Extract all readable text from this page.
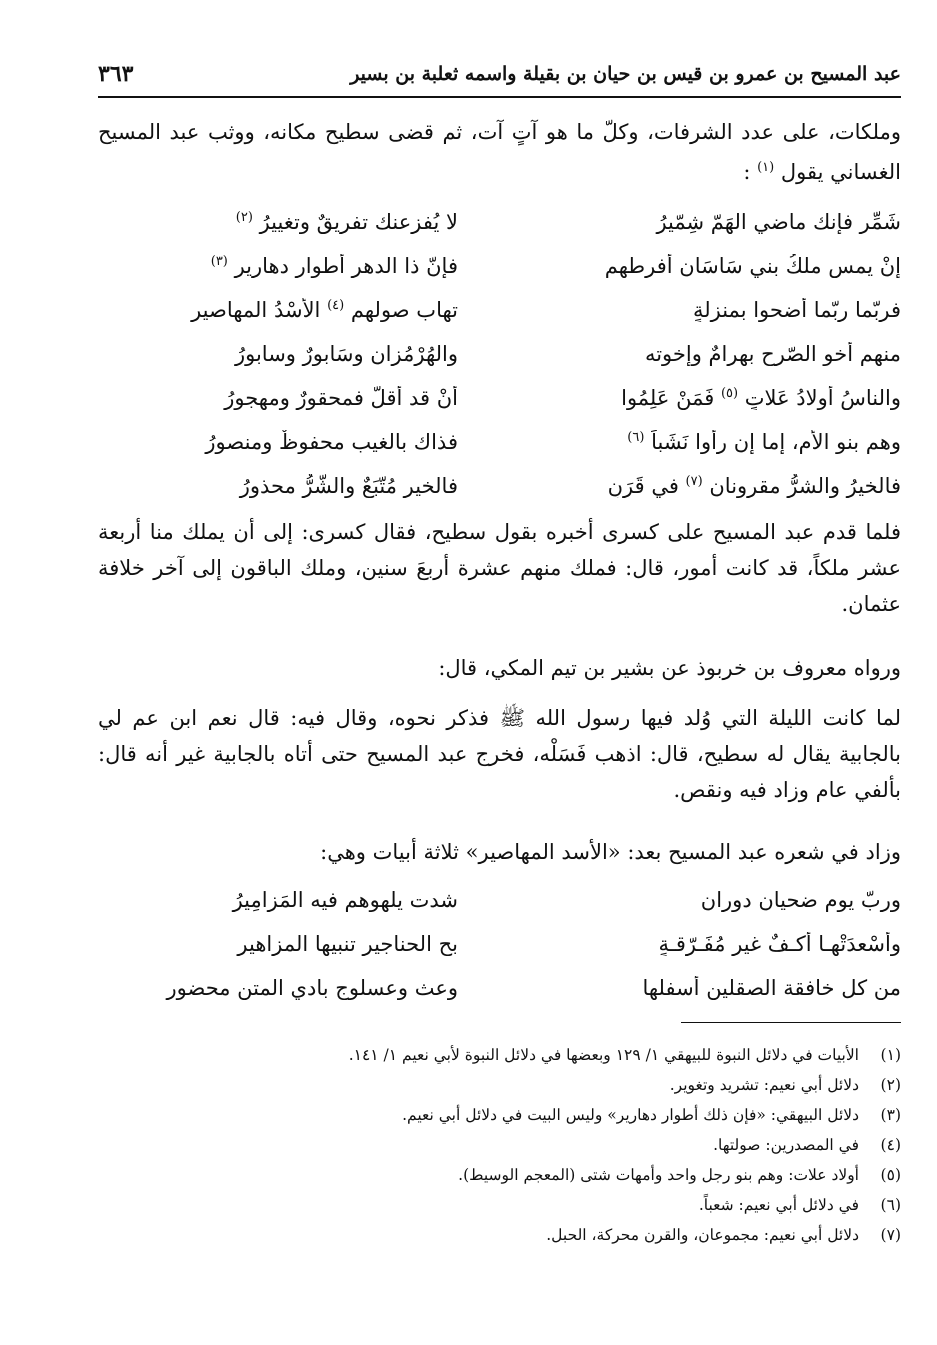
عبد المسيح بن عمرو بن قيس بن حيان بن بقيلة واسمه ثعلبة بن بسير
٣٦٣

وملكات، على عدد الشرفات، وكلّ ما هو آتٍ آت، ثم قضى سطيح مكانه، ووثب عبد المسيح الغساني يقول $^{(١)}$ :

شَمِّر فإنك ماضي الهَمّ شِمّيرُ
لا يُفزعنك تفريقٌ وتغييرُ $^{(٢)}$
إنْ يمس ملكُ بني سَاسَان أفرطهم
فإنّ ذا الدهر أطوار دهارير $^{(٣)}$
فربّما ربّما أضحوا بمنزلةٍ
تهاب صولهم $^{(٤)}$ الأُسْدُ المهاصير
منهم أخو الصّرح بهرامٌ وإخوته
والهُرْمُزان وسَابورٌ وسابورُ
والناسُ أولادُ عَلاتٍ $^{(٥)}$ فَمَنْ عَلِمُوا
أنْ قد أقلّ فمحقورٌ ومهجورُ
وهم بنو الأم، إما إن رأوا نَشَباً $^{(٦)}$
فذاك بالغيب محفوظٌ ومنصورُ
فالخيرُ والشرُّ مقرونان $^{(٧)}$ في قَرَنٍ
فالخير مُتّبَعٌ والشَّرُّ محذورُ

فلما قدم عبد المسيح على كسرى أخبره بقول سطيح، فقال كسرى: إلى أن يملك منا أربعة عشر ملكاً، قد كانت أمور، قال: فملك منهم عشرة أربعَ سنين، وملك الباقون إلى آخر خلافة عثمان.

ورواه معروف بن خربوذ عن بشير بن تيم المكي، قال:

لما كانت الليلة التي وُلد فيها رسول الله ﷺ فذكر نحوه، وقال فيه: قال نعم ابن عم لي بالجابية يقال له سطيح، قال: اذهب فَسَلْه، فخرج عبد المسيح حتى أتاه بالجابية غير أنه قال: بألفي عام وزاد فيه ونقص.

وزاد في شعره عبد المسيح بعد: «الأسد المهاصير» ثلاثة أبيات وهي:

وربّ يوم ضحيان دوران
شدت يلهوهم فيه المَزامِيرُ
وأَسْعدَتْهـا أكـفٌ غير مُفَـرّقـةٍ
بح الحناجير تنبيها المزاهير
من كل خافقة الصقلين أسفلها
وعث وعسلوج بادي المتن محضور
(١)
الأبيات في دلائل النبوة للبيهقي ١/ ١٢٩ وبعضها في دلائل النبوة لأبي نعيم ١/ ١٤١.
(٢)
دلائل أبي نعيم: تشريد وتغوير.
(٣)
دلائل البيهقي: «فإن ذلك أطوار دهارير» وليس البيت في دلائل أبي نعيم.
(٤)
في المصدرين: صولتها.
(٥)
أولاد علات: وهم بنو رجل واحد وأمهات شتى (المعجم الوسيط).
(٦)
في دلائل أبي نعيم: شعباً.
(٧)
دلائل أبي نعيم: مجموعان، والقرن محركة، الحبل.
